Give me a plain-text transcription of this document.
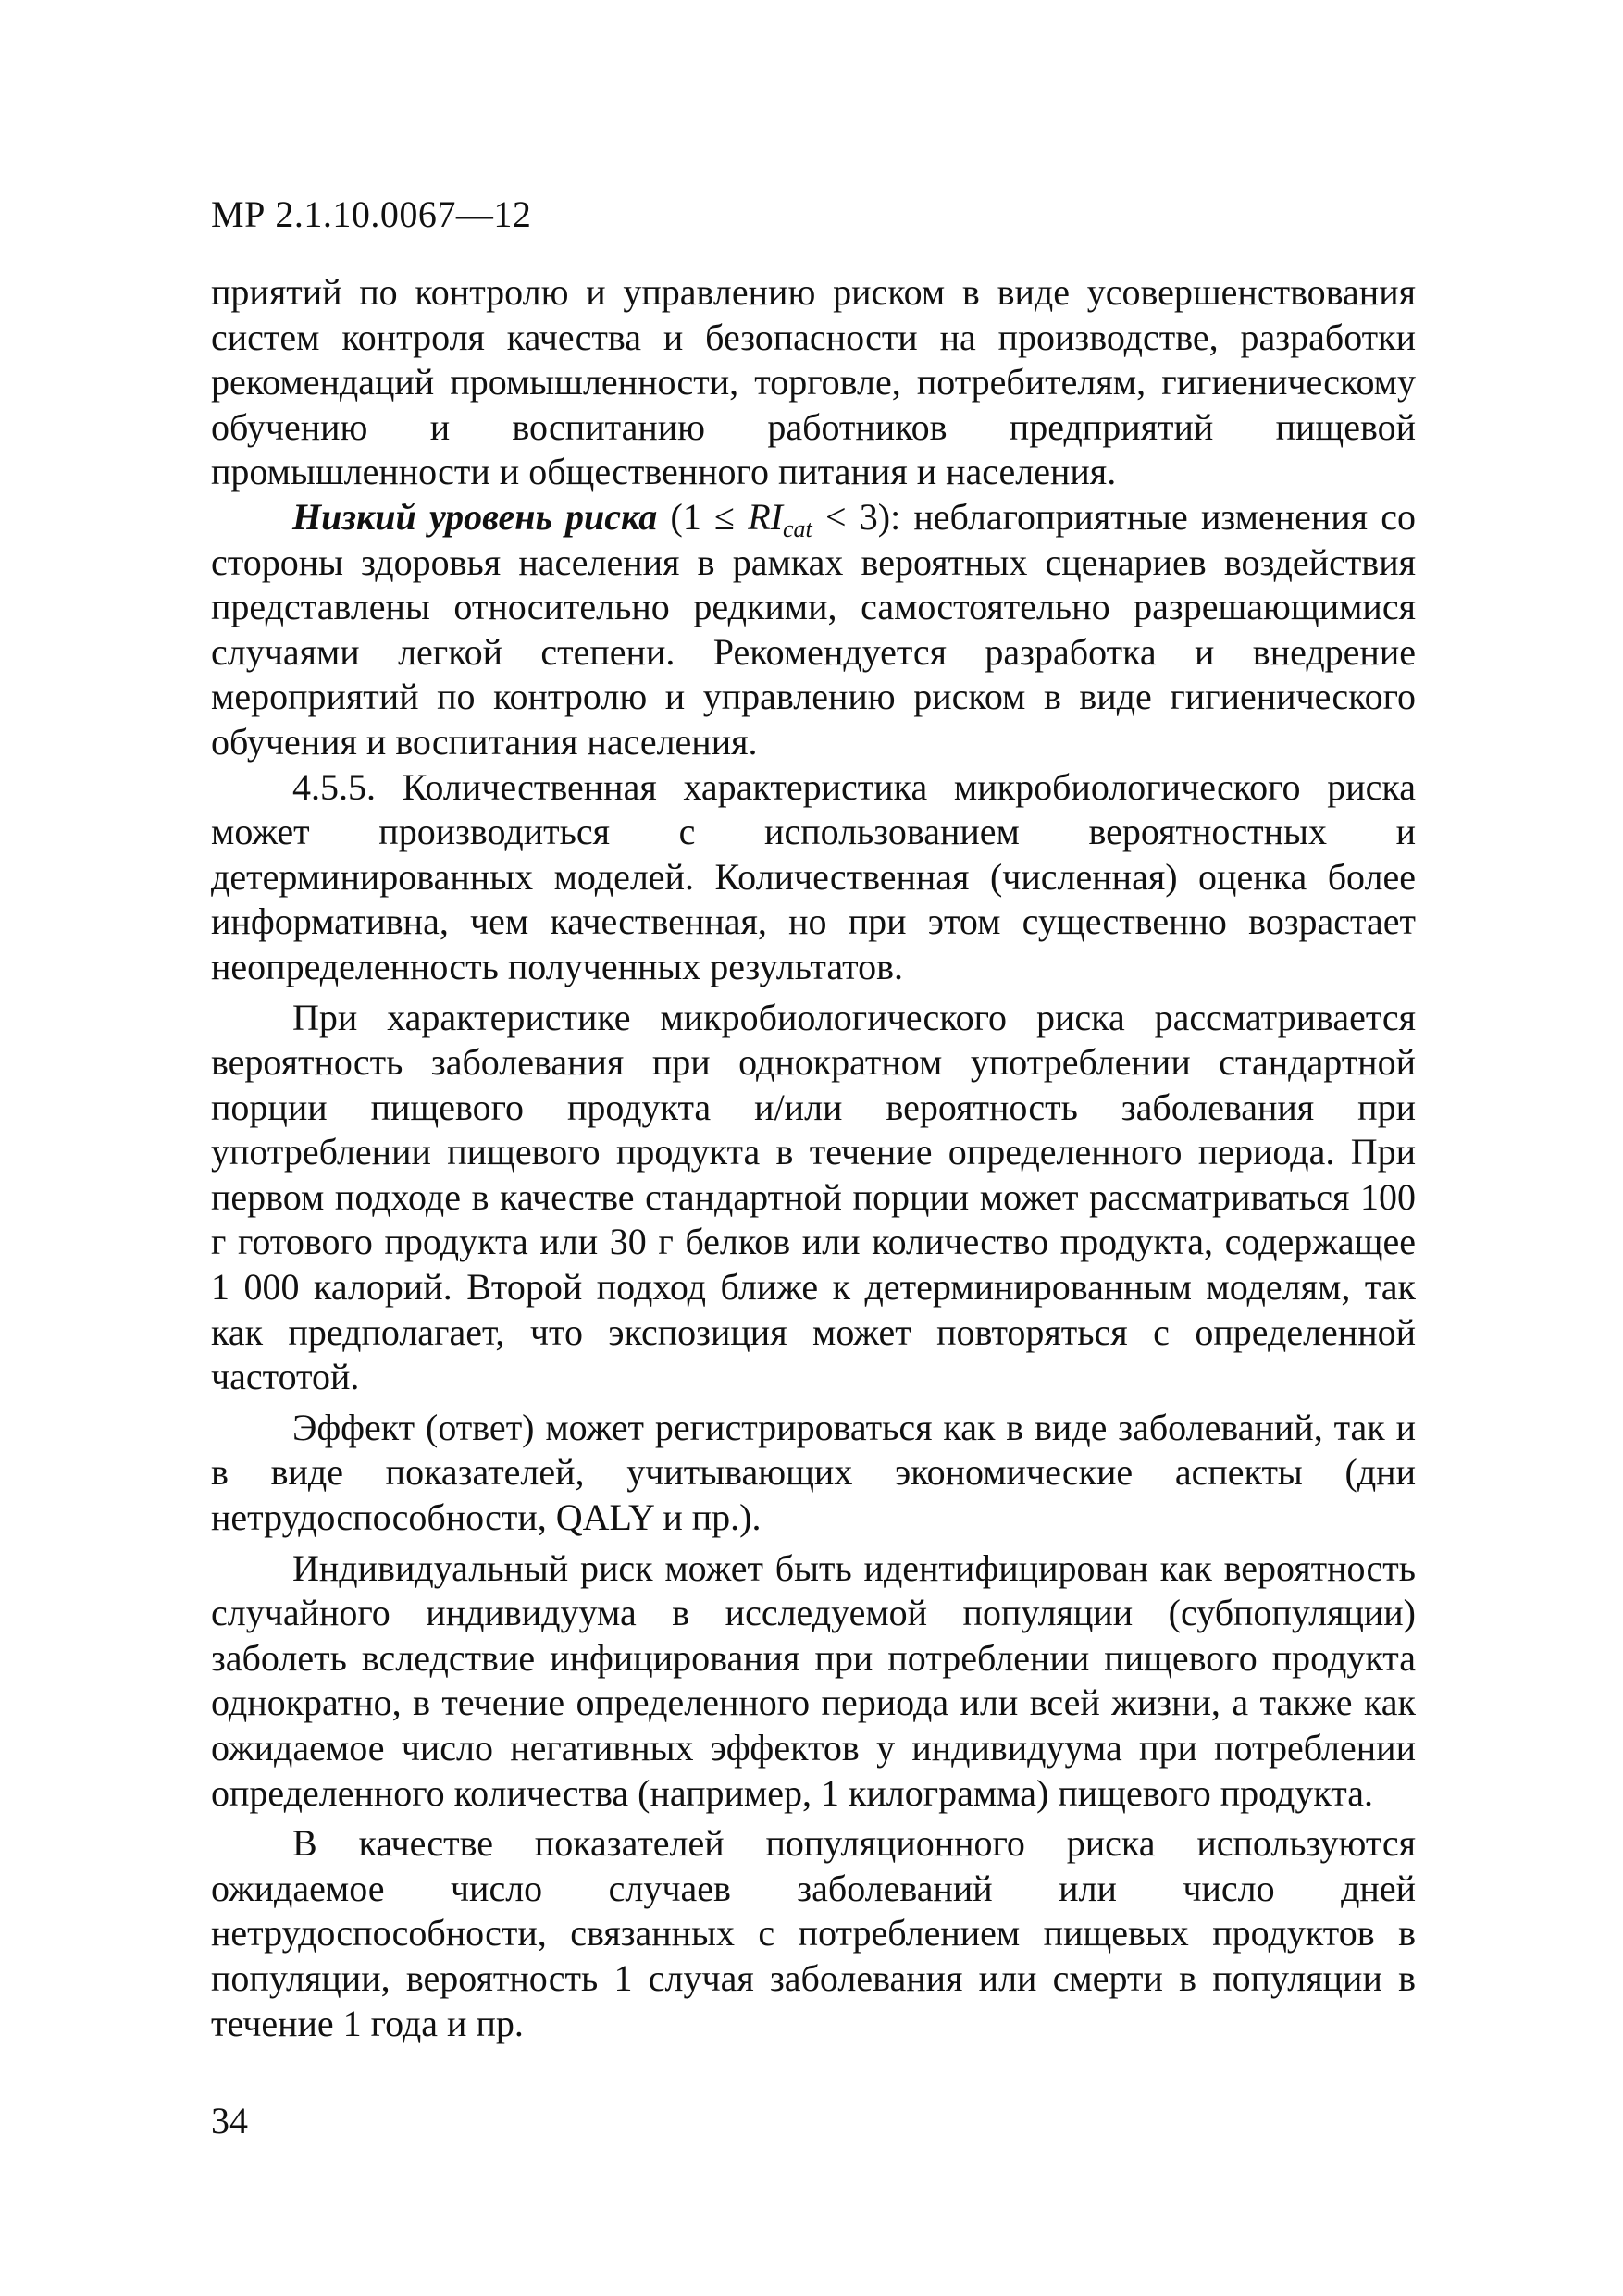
МР 2.1.10.0067—12

приятий по контролю и управлению риском в виде усовершенствования систем контроля качества и безопасности на производстве, разработки рекомендаций промышленности, торговле, потребителям, гигиеническому обучению и воспитанию работников предприятий пищевой промышленности и общественного питания и населения.

Низкий уровень риска $(1 \le RI_{cat} < 3)$: неблагоприятные изменения со стороны здоровья населения в рамках вероятных сценариев воздействия представлены относительно редкими, самостоятельно разрешающимися случаями легкой степени. Рекомендуется разработка и внедрение мероприятий по контролю и управлению риском в виде гигиенического обучения и воспитания населения.

4.5.5. Количественная характеристика микробиологического риска может производиться с использованием вероятностных и детерминированных моделей. Количественная (численная) оценка более информативна, чем качественная, но при этом существенно возрастает неопределенность полученных результатов.

При характеристике микробиологического риска рассматривается вероятность заболевания при однократном употреблении стандартной порции пищевого продукта и/или вероятность заболевания при употреблении пищевого продукта в течение определенного периода. При первом подходе в качестве стандартной порции может рассматриваться 100 г готового продукта или 30 г белков или количество продукта, содержащее 1 000 калорий. Второй подход ближе к детерминированным моделям, так как предполагает, что экспозиция может повторяться с определенной частотой.

Эффект (ответ) может регистрироваться как в виде заболеваний, так и в виде показателей, учитывающих экономические аспекты (дни нетрудоспособности, QALY и пр.).

Индивидуальный риск может быть идентифицирован как вероятность случайного индивидуума в исследуемой популяции (субпопуляции) заболеть вследствие инфицирования при потреблении пищевого продукта однократно, в течение определенного периода или всей жизни, а также как ожидаемое число негативных эффектов у индивидуума при потреблении определенного количества (например, 1 килограмма) пищевого продукта.

В качестве показателей популяционного риска используются ожидаемое число случаев заболеваний или число дней нетрудоспособности, связанных с потреблением пищевых продуктов в популяции, вероятность 1 случая заболевания или смерти в популяции в течение 1 года и пр.

34
